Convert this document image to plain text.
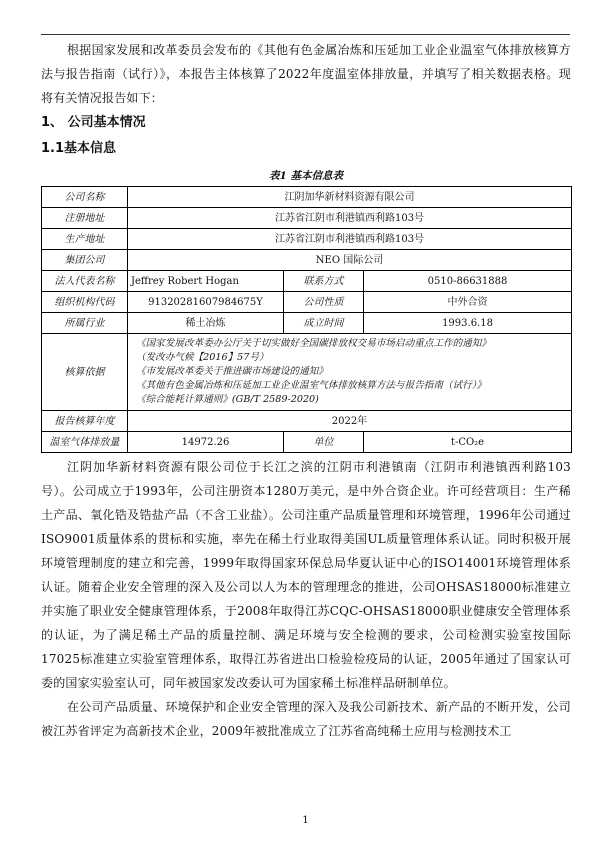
根据国家发展和改革委员会发布的《其他有色金属冶炼和压延加工业企业温室气体排放核算方法与报告指南（试行）》，本报告主体核算了2022年度温室体排放量，并填写了相关数据表格。现将有关情况报告如下：

1、 公司基本情况
1.1基本信息
表1 基本信息表
公司名称	江阴加华新材料资源有限公司		
注册地址	江苏省江阴市利港镇西利路103号		
生产地址	江苏省江阴市利港镇西利路103号		
集团公司	NEO 国际公司		
法人代表名称	Jeffrey Robert Hogan	联系方式	0510-86631888
组织机构代码	91320281607984675Y	公司性质	中外合资
所属行业	稀土冶炼	成立时间	1993.6.18
核算依据	《国家发展改革委办公厅关于切实做好全国碳排放权交易市场启动重点工作的通知》
（发改办气候【2016】57号）
《市发展改革委关于推进碳市场建设的通知》
《其他有色金属冶炼和压延加工业企业温室气体排放核算方法与报告指南（试行）》
《综合能耗计算通则》(GB/T 2589-2020)		

报告核算年度	2022年		
温室气体排放量	14972.26	单位	t-CO₂e

江阴加华新材料资源有限公司位于长江之滨的江阴市利港镇南（江阴市利港镇西利路103号）。公司成立于1993年，公司注册资本1280万美元，是中外合资企业。许可经营项目：生产稀土产品、氧化锆及锆盐产品（不含工业盐）。公司注重产品质量管理和环境管理，1996年公司通过ISO9001质量体系的贯标和实施，率先在稀土行业取得美国UL质量管理体系认证。同时积极开展环境管理制度的建立和完善，1999年取得国家环保总局华夏认证中心的ISO14001环境管理体系认证。随着企业安全管理的深入及公司以人为本的管理理念的推进，公司OHSAS18000标准建立并实施了职业安全健康管理体系，于2008年取得江苏CQC-OHSAS18000职业健康安全管理体系的认证，为了满足稀土产品的质量控制、满足环境与安全检测的要求，公司检测实验室按国际17025标准建立实验室管理体系，取得江苏省进出口检验检疫局的认证，2005年通过了国家认可委的国家实验室认可，同年被国家发改委认可为国家稀土标准样品研制单位。

在公司产品质量、环境保护和企业安全管理的深入及我公司新技术、新产品的不断开发，公司被江苏省评定为高新技术企业，2009年被批准成立了江苏省高纯稀土应用与检测技术工

1
